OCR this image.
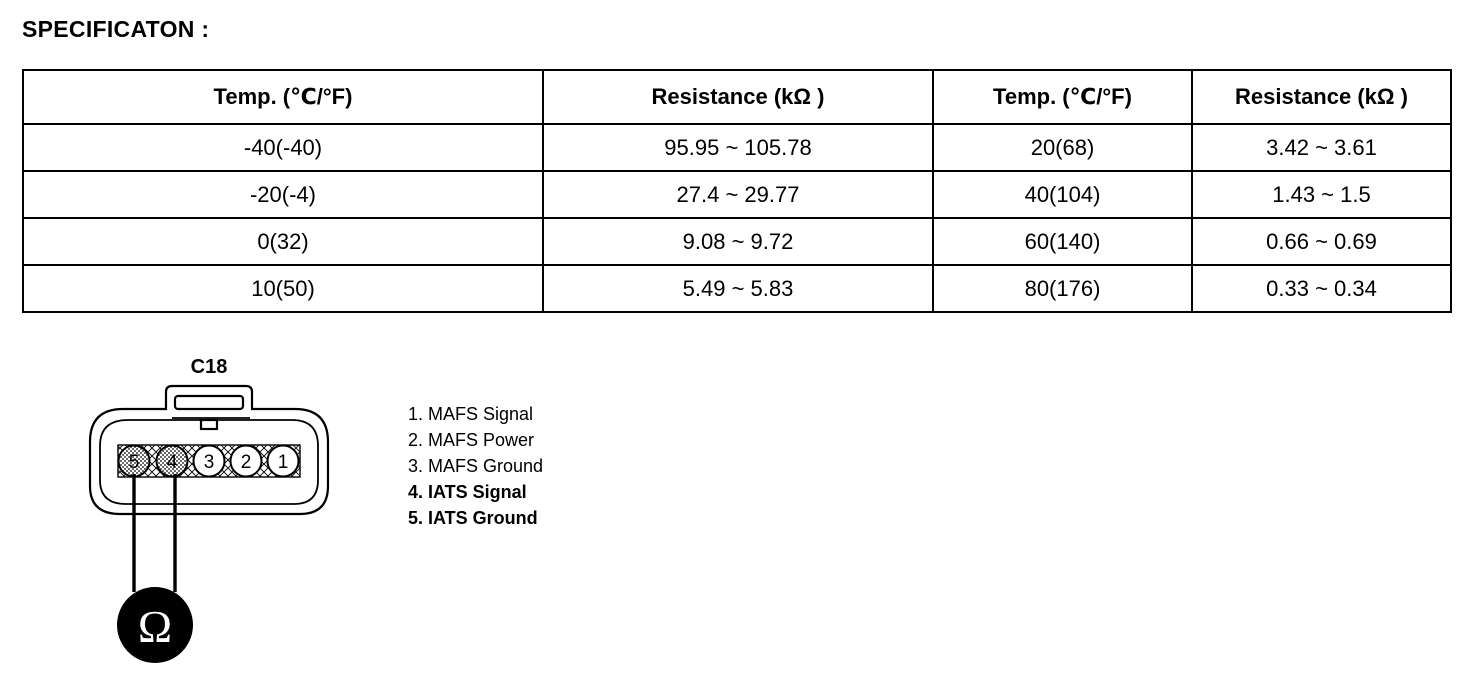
SPECIFICATON :
Temp. (℃/°F)	Resistance (kΩ )	Temp. (℃/°F)	Resistance (kΩ )
-40(-40)	95.95 ~ 105.78	20(68)	3.42 ~ 3.61
-20(-4)	27.4 ~ 29.77	40(104)	1.43 ~ 1.5
0(32)	9.08 ~ 9.72	60(140)	0.66 ~ 0.69
10(50)	5.49 ~ 5.83	80(176)	0.33 ~ 0.34
C18
5 4 3 2 1
Ω
1. MAFS Signal
2. MAFS Power
3. MAFS Ground
4. IATS Signal
5. IATS Ground
